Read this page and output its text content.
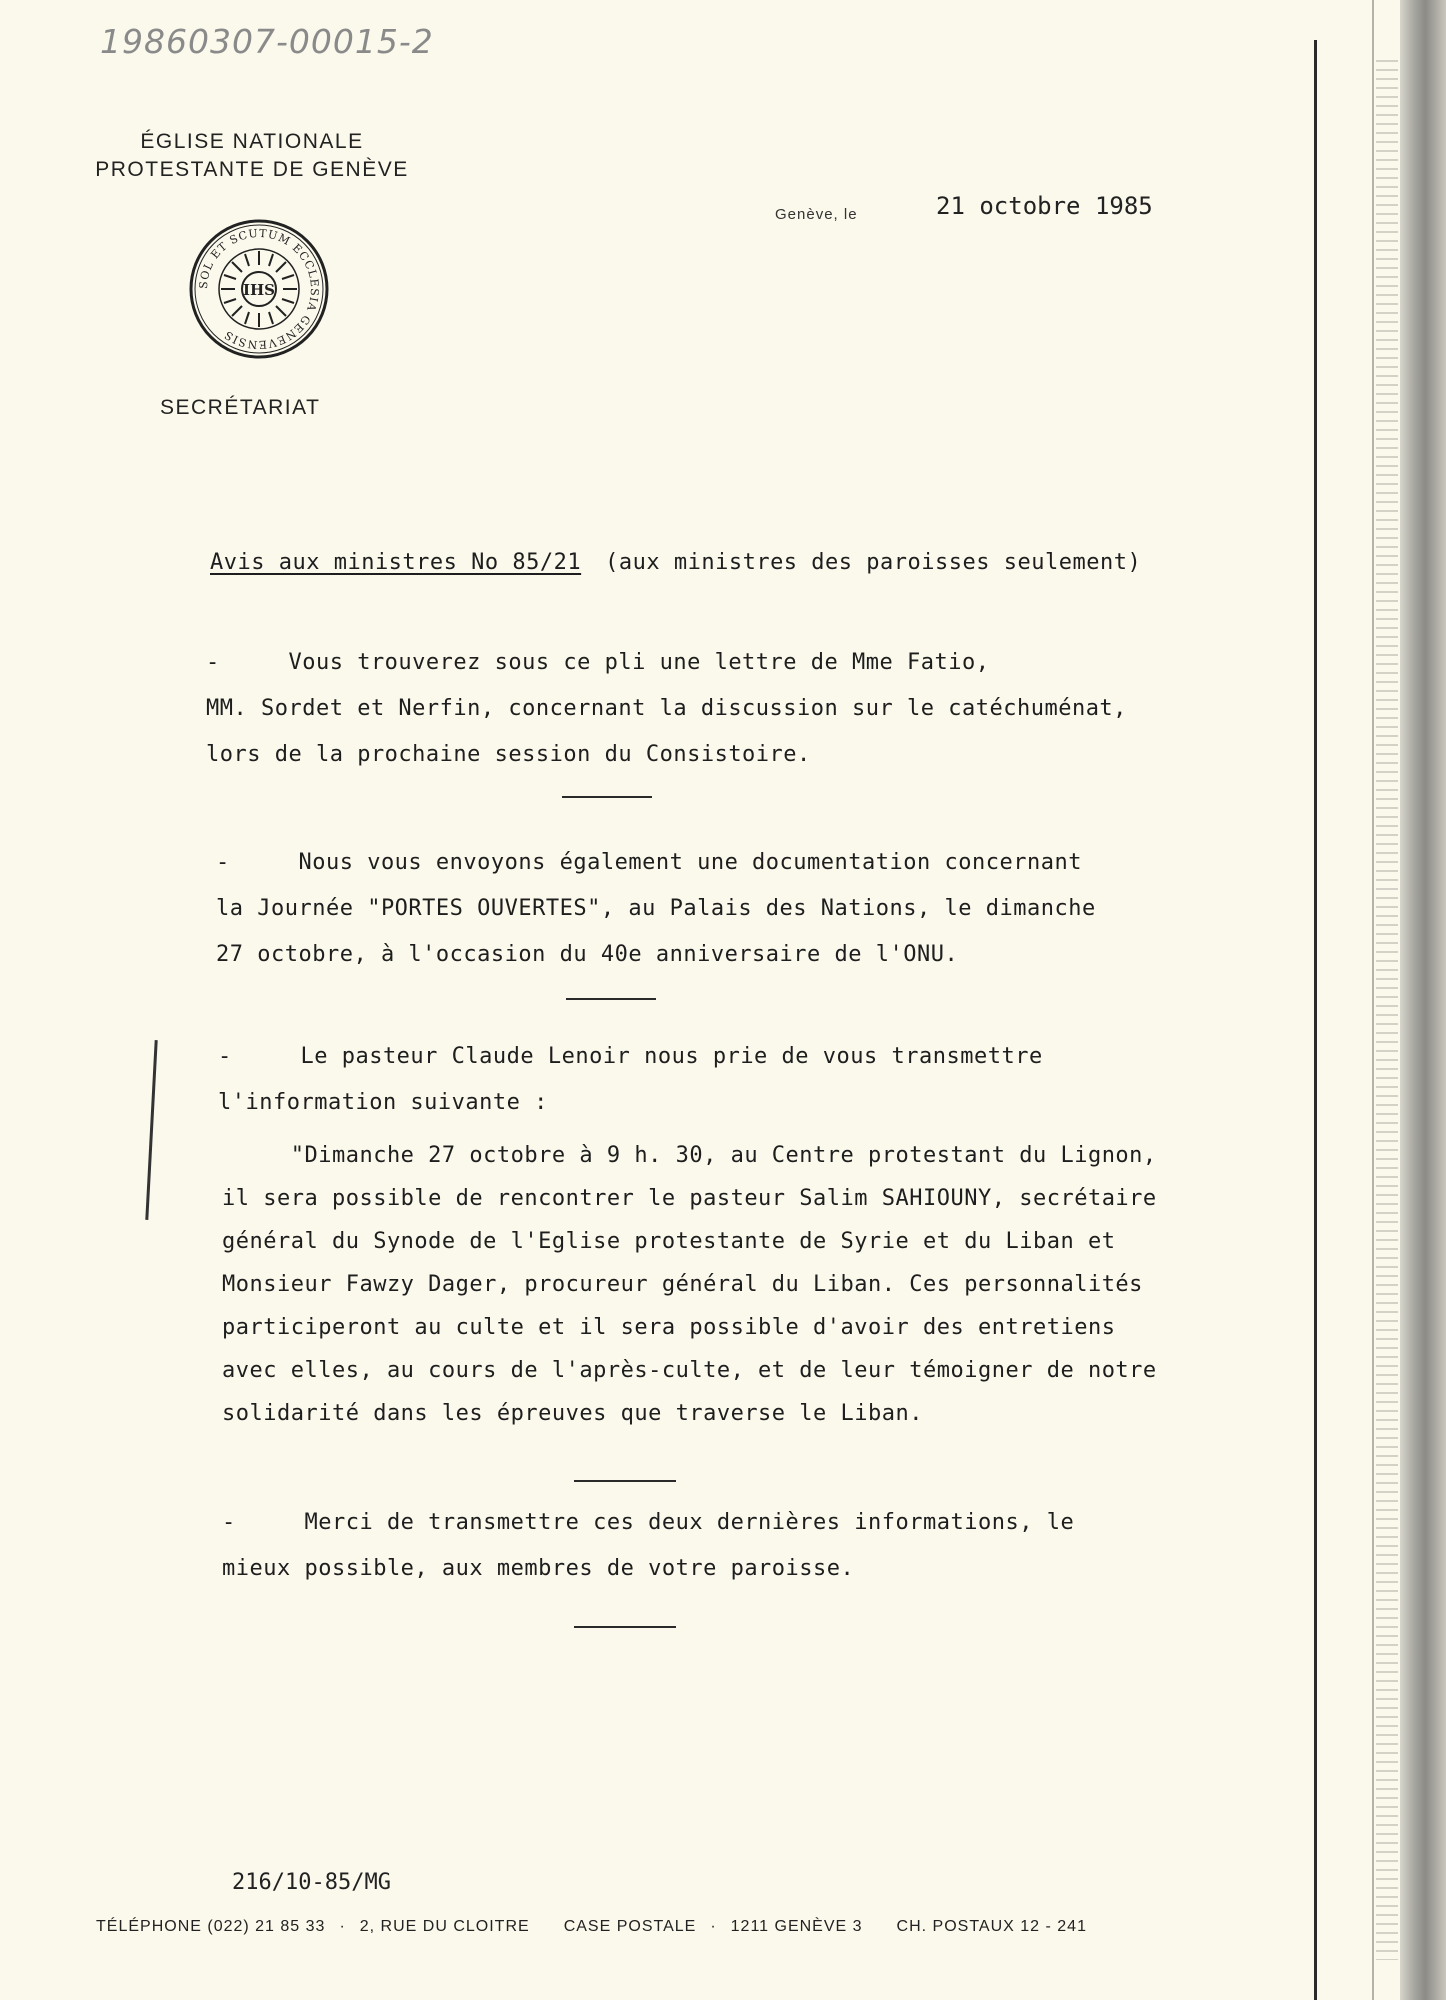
19860307-00015-2
ÉGLISE NATIONALE
PROTESTANTE DE GENÈVE
IHS
SOL ET SCUTUM ECCLESIA GENEVENSIS
SECRÉTARIAT
Genève, le	21 octobre 1985
Avis aux ministres No 85/21 (aux ministres des paroisses seulement)
-     Vous trouverez sous ce pli une lettre de Mme Fatio,
MM. Sordet et Nerfin, concernant la discussion sur le catéchuménat,
lors de la prochaine session du Consistoire.
-     Nous vous envoyons également une documentation concernant
la Journée "PORTES OUVERTES", au Palais des Nations, le dimanche
27 octobre, à l'occasion du 40e anniversaire de l'ONU.
-     Le pasteur Claude Lenoir nous prie de vous transmettre
l'information suivante :
"Dimanche 27 octobre à 9 h. 30, au Centre protestant du Lignon,
il sera possible de rencontrer le pasteur Salim SAHIOUNY, secrétaire
général du Synode de l'Eglise protestante de Syrie et du Liban et
Monsieur Fawzy Dager, procureur général du Liban. Ces personnalités
participeront au culte et il sera possible d'avoir des entretiens
avec elles, au cours de l'après-culte, et de leur témoigner de notre
solidarité dans les épreuves que traverse le Liban.
-     Merci de transmettre ces deux dernières informations, le
mieux possible, aux membres de votre paroisse.
216/10-85/MG
TÉLÉPHONE (022) 21 85 33 · 2, RUE DU CLOITRE CASE POSTALE · 1211 GENÈVE 3 CH. POSTAUX 12 - 241
